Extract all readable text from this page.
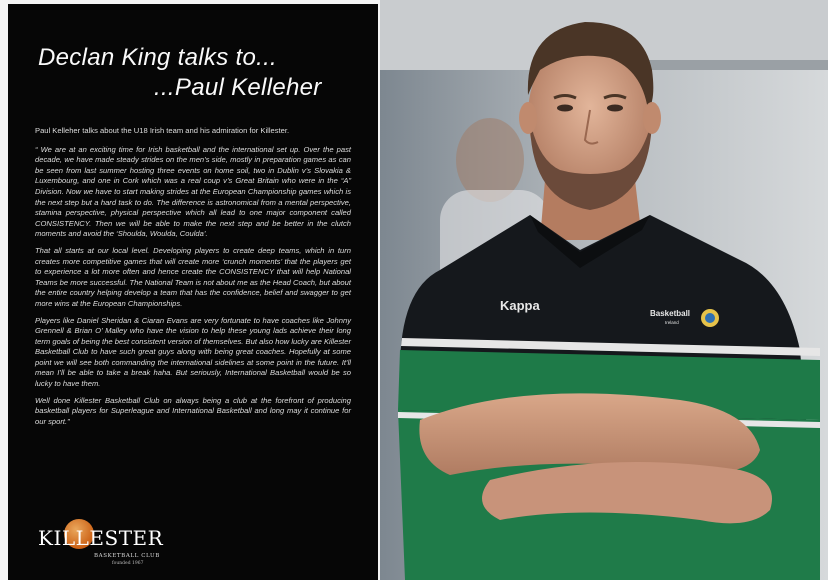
Declan King talks to...
...Paul Kelleher

Paul Kelleher talks about the U18 Irish team and his admiration for Killester.

“ We are at an exciting time for Irish basketball and the international set up. Over the past decade, we have made steady strides on the men’s side, mostly in preparation games as can be seen from last summer hosting three events on home soil, two in Dublin v’s Slovakia & Luxembourg, and one in Cork which was a real coup v’s Great Britain who were in the “A” Division. Now we have to start making strides at the European Championship games which is the next step but a hard task to do. The difference is astronomical from a mental perspective, stamina perspective, physical perspective which all lead to one major component called CONSISTENCY. Then we will be able to make the next step and be better in the clutch moments and avoid the ‘Shoulda, Woulda, Coulda’.

That all starts at our local level. Developing players to create deep teams, which in turn creates more competitive games that will create more ‘crunch moments’ that the players get to experience a lot more often and hence create the CONSISTENCY that will help National Teams be more successful. The National Team is not about me as the Head Coach, but about the entire country helping develop a team that has the confidence, belief and swagger to get more wins at the European Championships.

Players like Daniel Sheridan & Ciaran Evans are very fortunate to have coaches like Johnny Grennell & Brian O’ Malley who have the vision to help these young lads achieve their long term goals of being the best consistent version of themselves. But also how lucky are Killester Basketball Club to have such great guys along with being great coaches. Hopefully at some point we will see both commanding the international sidelines at some point in the future. It’ll mean I’ll be able to take a break haha. But seriously, International Basketball would be so lucky to have them.

Well done Killester Basketball Club on always being a club at the forefront of producing basketball players for Superleague and International Basketball and long may it continue for our sport.”

KILLESTER
BASKETBALL CLUB
founded 1967
Kappa
Basketball
Ireland
